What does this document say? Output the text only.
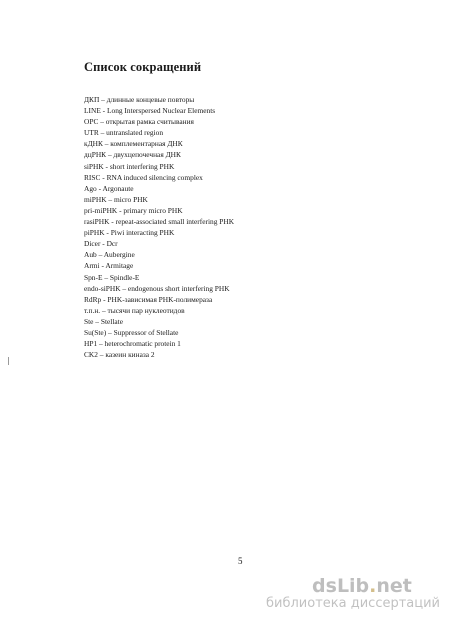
Список сокращений
ДКП – длинные концевые повторы
LINE - Long Interspersed Nuclear Elements
OPC – открытая рамка считывания
UTR – untranslated region
кДНК – комплементарная ДНК
дцРНК – двухцепочечная ДНК
siPHK - short interfering PHK
RISC - RNA induced silencing complex
Ago - Argonaute
miPHK – micro PHK
pri-miPHK - primary micro PHK
rasiPHK - repeat-associated small interfering PHK
piPHK - Piwi interacting PHK
Dicer - Dcr
Aub – Aubergine
Armi - Armitage
Spn-E – Spindle-E
endo-siPHK – endogenous short interfering PHK
RdRp - PHK-зависимая PHK-полимераза
т.п.н. – тысячи пар нуклеотидов
Ste – Stellate
Su(Ste) – Suppressor of Stellate
HP1 – heterochromatic protein 1
CK2 – казеин киназа 2
5
dsLib.net
библиотека диссертаций
